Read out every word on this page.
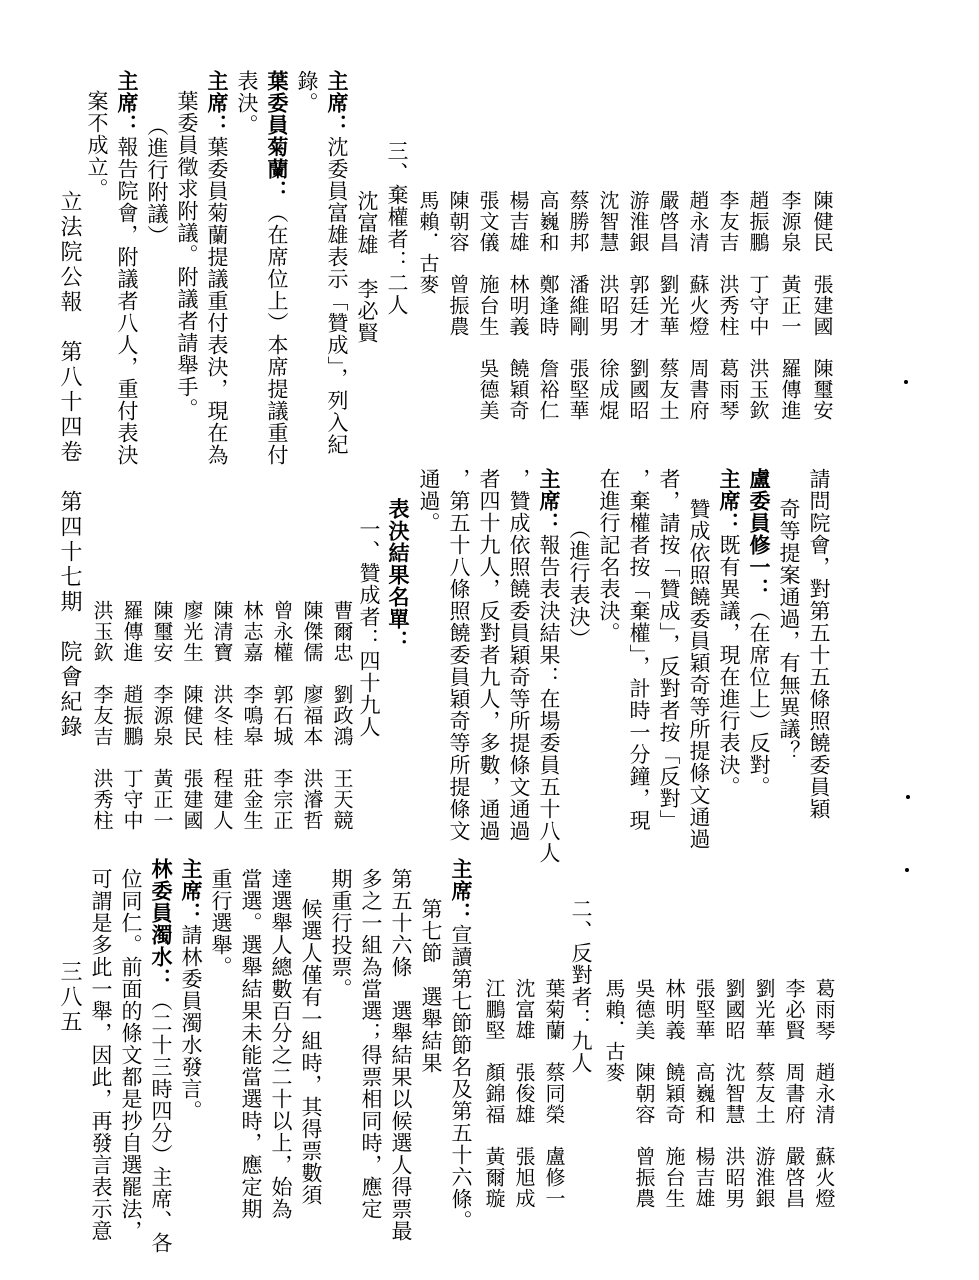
陳健民　張建國　陳璽安
李源泉　黃正一　羅傳進
趙振鵬　丁守中　洪玉欽
李友吉　洪秀柱　葛雨琴
趙永清　蘇火燈　周書府
嚴啓昌　劉光華　蔡友土
游淮銀　郭廷才　劉國昭
沈智慧　洪昭男　徐成焜
蔡勝邦　潘維剛　張堅華
高巍和　鄭逢時　詹裕仁
楊吉雄　林明義　饒穎奇
張文儀　施台生　吳德美
陳朝容　曾振農
馬賴．古麥
三、棄權者：二人
沈富雄　李必賢
主席：沈委員富雄表示「贊成」，列入紀
錄。
葉委員菊蘭：（在席位上）本席提議重付
表決。
主席：葉委員菊蘭提議重付表決，現在為
葉委員徵求附議。附議者請舉手。
（進行附議）
主席：報告院會，附議者八人，重付表決
案不成立。
請問院會，對第五十五條照饒委員穎
奇等提案通過，有無異議？
盧委員修一：（在席位上）反對。
主席：既有異議，現在進行表決。
贊成依照饒委員穎奇等所提條文通過
者，請按「贊成」，反對者按「反對」
，棄權者按「棄權」，計時一分鐘，現
在進行記名表決。
（進行表決）
主席：報告表決結果：在場委員五十八人
，贊成依照饒委員穎奇等所提條文通過
者四十九人，反對者九人，多數，通過
，第五十八條照饒委員穎奇等所提條文
通過。
表決結果名單：
一、贊成者：四十九人
曹爾忠　劉政鴻　王天競
陳傑儒　廖福本　洪濬哲
曾永權　郭石城　李宗正
林志嘉　李鳴皋　莊金生
陳清寶　洪冬桂　程建人
廖光生　陳健民　張建國
陳璽安　李源泉　黃正一
羅傳進　趙振鵬　丁守中
洪玉欽　李友吉　洪秀柱
葛雨琴　趙永清　蘇火燈
李必賢　周書府　嚴啓昌
劉光華　蔡友土　游淮銀
劉國昭　沈智慧　洪昭男
張堅華　高巍和　楊吉雄
林明義　饒穎奇　施台生
吳德美　陳朝容　曾振農
馬賴．古麥
二、反對者：九人
葉菊蘭　蔡同榮　盧修一
沈富雄　張俊雄　張旭成
江鵬堅　顏錦福　黃爾璇
主席：宣讀第七節節名及第五十六條。
第七節　選舉結果
第五十六條　選舉結果以候選人得票最
多之一組為當選；得票相同時，應定
期重行投票。
候選人僅有一組時，其得票數須
達選舉人總數百分之二十以上，始為
當選。選舉結果未能當選時，應定期
重行選舉。
主席：請林委員濁水發言。
林委員濁水：（二十三時四分）主席、各
位同仁。前面的條文都是抄自選罷法，
可謂是多此一舉，因此，再發言表示意
立法院公報　第八十四卷　第四十七期　院會紀錄
三八五
